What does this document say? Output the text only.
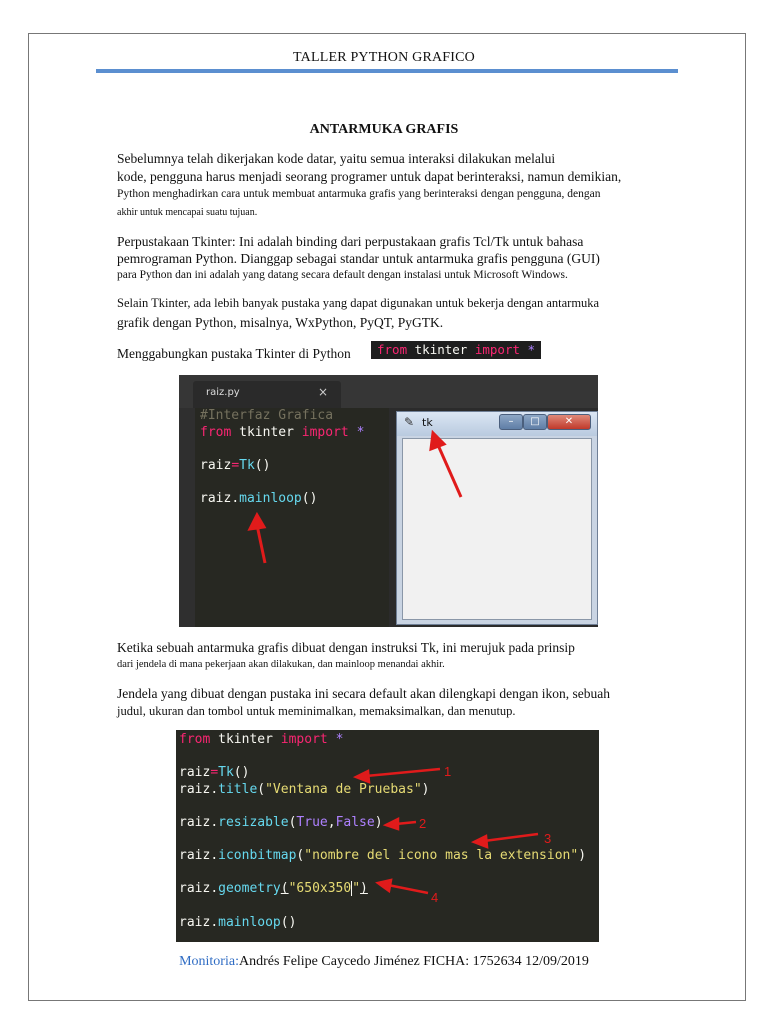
TALLER PYTHON GRAFICO
ANTARMUKA GRAFIS
Sebelumnya telah dikerjakan kode datar, yaitu semua interaksi dilakukan melalui
kode, pengguna harus menjadi seorang programer untuk dapat berinteraksi, namun demikian,
Python menghadirkan cara untuk membuat antarmuka grafis yang berinteraksi dengan pengguna, dengan
akhir untuk mencapai suatu tujuan.
Perpustakaan Tkinter: Ini adalah binding dari perpustakaan grafis Tcl/Tk untuk bahasa
pemrograman Python. Dianggap sebagai standar untuk antarmuka grafis pengguna (GUI)
para Python dan ini adalah yang datang secara default dengan instalasi untuk Microsoft Windows.
Selain Tkinter, ada lebih banyak pustaka yang dapat digunakan untuk bekerja dengan antarmuka
grafik dengan Python, misalnya, WxPython, PyQT, PyGTK.
Menggabungkan pustaka Tkinter di Python	from tkinter import *
raiz.py	×
#Interfaz Grafica
from tkinter import *

raiz=Tk()

raiz.mainloop()
✎ tk	–	□	✕
Ketika sebuah antarmuka grafis dibuat dengan instruksi Tk, ini merujuk pada prinsip
dari jendela di mana pekerjaan akan dilakukan, dan mainloop menandai akhir.
Jendela yang dibuat dengan pustaka ini secara default akan dilengkapi dengan ikon, sebuah
judul, ukuran dan tombol untuk meminimalkan, memaksimalkan, dan menutup.
from tkinter import *

raiz=Tk()
raiz.title("Ventana de Pruebas")

raiz.resizable(True,False)

raiz.iconbitmap("nombre del icono mas la extension")

raiz.geometry("650x350")

raiz.mainloop()
1
2
3
4
Monitoria:Andrés Felipe Caycedo Jiménez FICHA: 1752634 12/09/2019
